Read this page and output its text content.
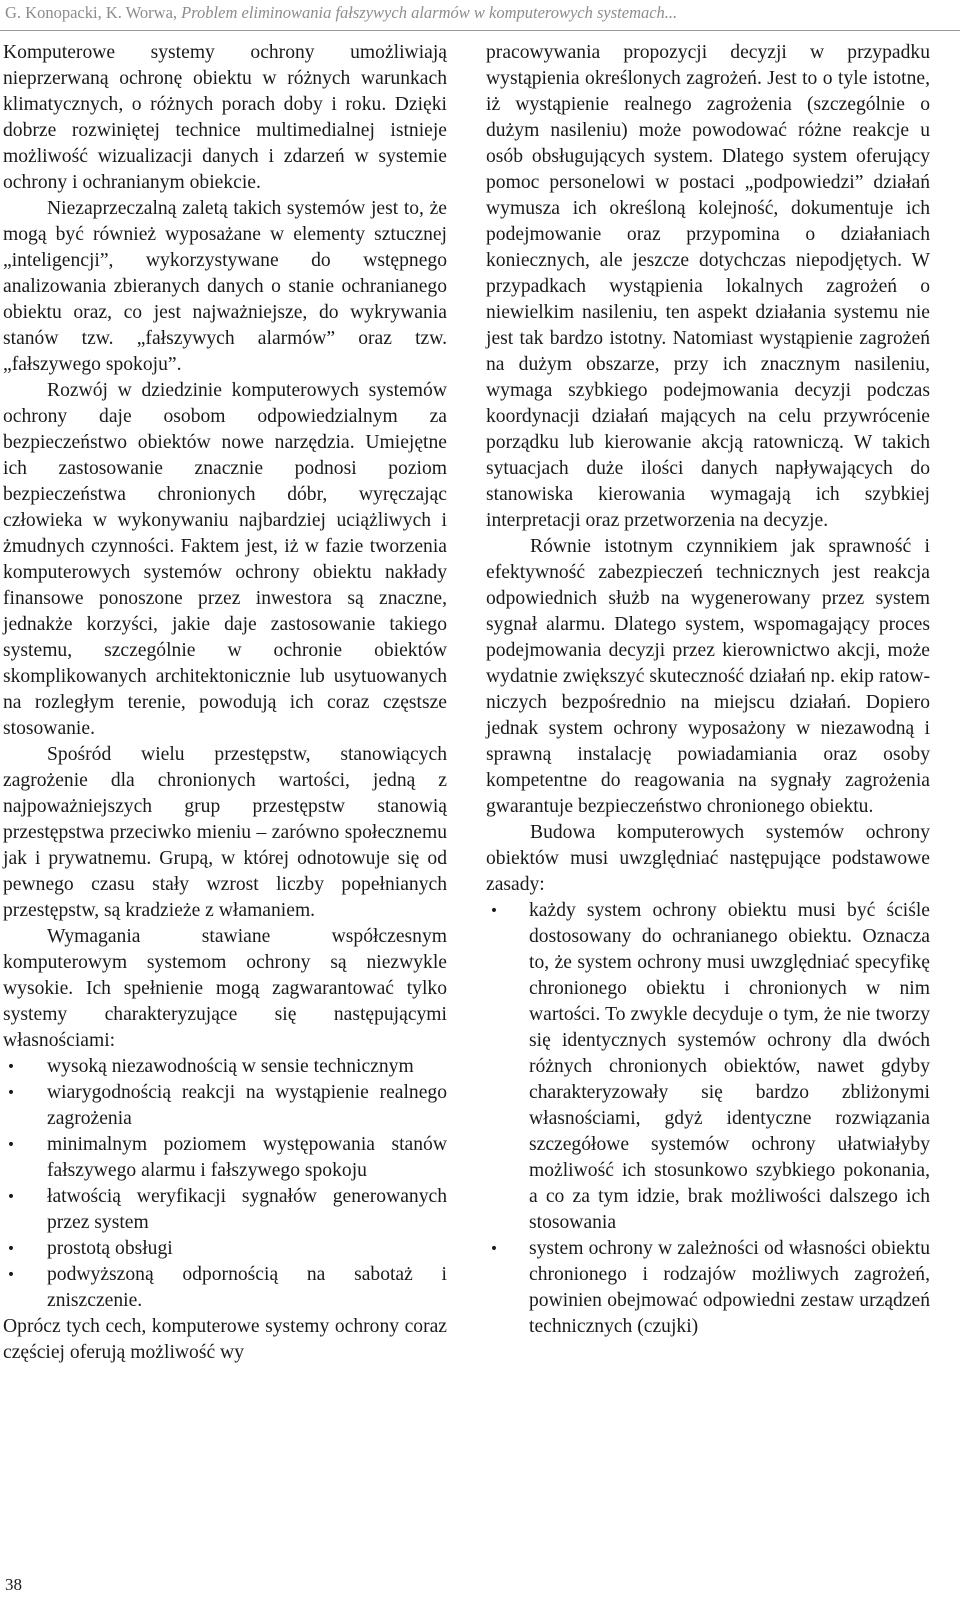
G. Konopacki, K. Worwa, Problem eliminowania fałszywych alarmów w komputerowych systemach...

Komputerowe systemy ochrony umożliwiają nieprzerwaną ochronę obiektu w różnych warunkach klimatycznych, o różnych porach doby i roku. Dzięki dobrze rozwiniętej technice multimedialnej istnieje możliwość wizualizacji danych i zdarzeń w systemie ochrony i ochranianym obiekcie.

Niezaprzeczalną zaletą takich systemów jest to, że mogą być również wyposażane w elementy sztucznej „inteligencji”, wykorzystywane do wstępnego analizowania zbieranych danych o stanie ochranianego obiektu oraz, co jest najważniejsze, do wykrywania stanów tzw. „fałszywych alarmów” oraz tzw. „fałszywego spokoju”.

Rozwój w dziedzinie komputerowych systemów ochrony daje osobom odpowiedzialnym za bezpieczeństwo obiektów nowe narzędzia. Umiejętne ich zastosowanie znacznie podnosi poziom bezpieczeństwa chronionych dóbr, wyręczając człowieka w wykonywaniu najbardziej uciążliwych i żmudnych czynności. Faktem jest, iż w fazie tworzenia komputerowych systemów ochrony obiektu nakłady finansowe ponoszone przez inwestora są znaczne, jednakże korzyści, jakie daje zastosowanie takiego systemu, szczególnie w ochronie obiektów skomplikowanych architektonicznie lub usytuowanych na rozległym terenie, powodują ich coraz częstsze stosowanie.

Spośród wielu przestępstw, stanowiących zagrożenie dla chronionych wartości, jedną z najpoważniejszych grup przestępstw stanowią przestępstwa przeciwko mieniu – zarówno społecznemu jak i prywatnemu. Grupą, w której odnotowuje się od pewnego czasu stały wzrost liczby popełnianych przestępstw, są kradzieże z włamaniem.

Wymagania stawiane współczesnym komputerowym systemom ochrony są niezwykle wysokie. Ich spełnienie mogą zagwarantować tylko systemy charakteryzujące się następującymi własnościami:

• wysoką niezawodnością w sensie technicznym
• wiarygodnością reakcji na wystąpienie realnego zagrożenia
• minimalnym poziomem występowania stanów fałszywego alarmu i fałszywego spokoju
• łatwością weryfikacji sygnałów generowanych przez system
• prostotą obsługi
• podwyższoną odpornością na sabotaż i zniszczenie.

Oprócz tych cech, komputerowe systemy ochrony coraz częściej oferują możliwość wy

pracowywania propozycji decyzji w przypadku wystąpienia określonych zagrożeń. Jest to o tyle istotne, iż wystąpienie realnego zagrożenia (szczególnie o dużym nasileniu) może powodować różne reakcje u osób obsługujących system. Dlatego system oferujący pomoc personelowi w postaci „podpowiedzi” działań wymusza ich określoną kolejność, dokumentuje ich podejmowanie oraz przypomina o działaniach koniecznych, ale jeszcze dotychczas niepodjętych. W przypadkach wystąpienia lokalnych zagrożeń o niewielkim nasileniu, ten aspekt działania systemu nie jest tak bardzo istotny. Natomiast wystąpienie zagrożeń na dużym obszarze, przy ich znacznym nasileniu, wymaga szybkiego podejmowania decyzji podczas koordynacji działań mających na celu przywrócenie porządku lub kierowanie akcją ratowniczą. W takich sytuacjach duże ilości danych napływających do stanowiska kierowania wymagają ich szybkiej interpretacji oraz przetworzenia na decyzje.

Równie istotnym czynnikiem jak sprawność i efektywność zabezpieczeń technicznych jest reakcja odpowiednich służb na wygenerowany przez system sygnał alarmu. Dlatego system, wspomagający proces podejmowania decyzji przez kierownictwo akcji, może wydatnie zwiększyć skuteczność działań np. ekip ratowniczych bezpośrednio na miejscu działań. Dopiero jednak system ochrony wyposażony w niezawodną i sprawną instalację powiadamiania oraz osoby kompetentne do reagowania na sygnały zagrożenia gwarantuje bezpieczeństwo chronionego obiektu.

Budowa komputerowych systemów ochrony obiektów musi uwzględniać następujące podstawowe zasady:

• każdy system ochrony obiektu musi być ściśle dostosowany do ochranianego obiektu. Oznacza to, że system ochrony musi uwzględniać specyfikę chronionego obiektu i chronionych w nim wartości. To zwykle decyduje o tym, że nie tworzy się identycznych systemów ochrony dla dwóch różnych chronionych obiektów, nawet gdyby charakteryzowały się bardzo zbliżonymi własnościami, gdyż identyczne rozwiązania szczegółowe systemów ochrony ułatwiałyby możliwość ich stosunkowo szybkiego pokonania, a co za tym idzie, brak możliwości dalszego ich stosowania
• system ochrony w zależności od własności obiektu chronionego i rodzajów możliwych zagrożeń, powinien obejmować odpowiedni zestaw urządzeń technicznych (czujki)
38
